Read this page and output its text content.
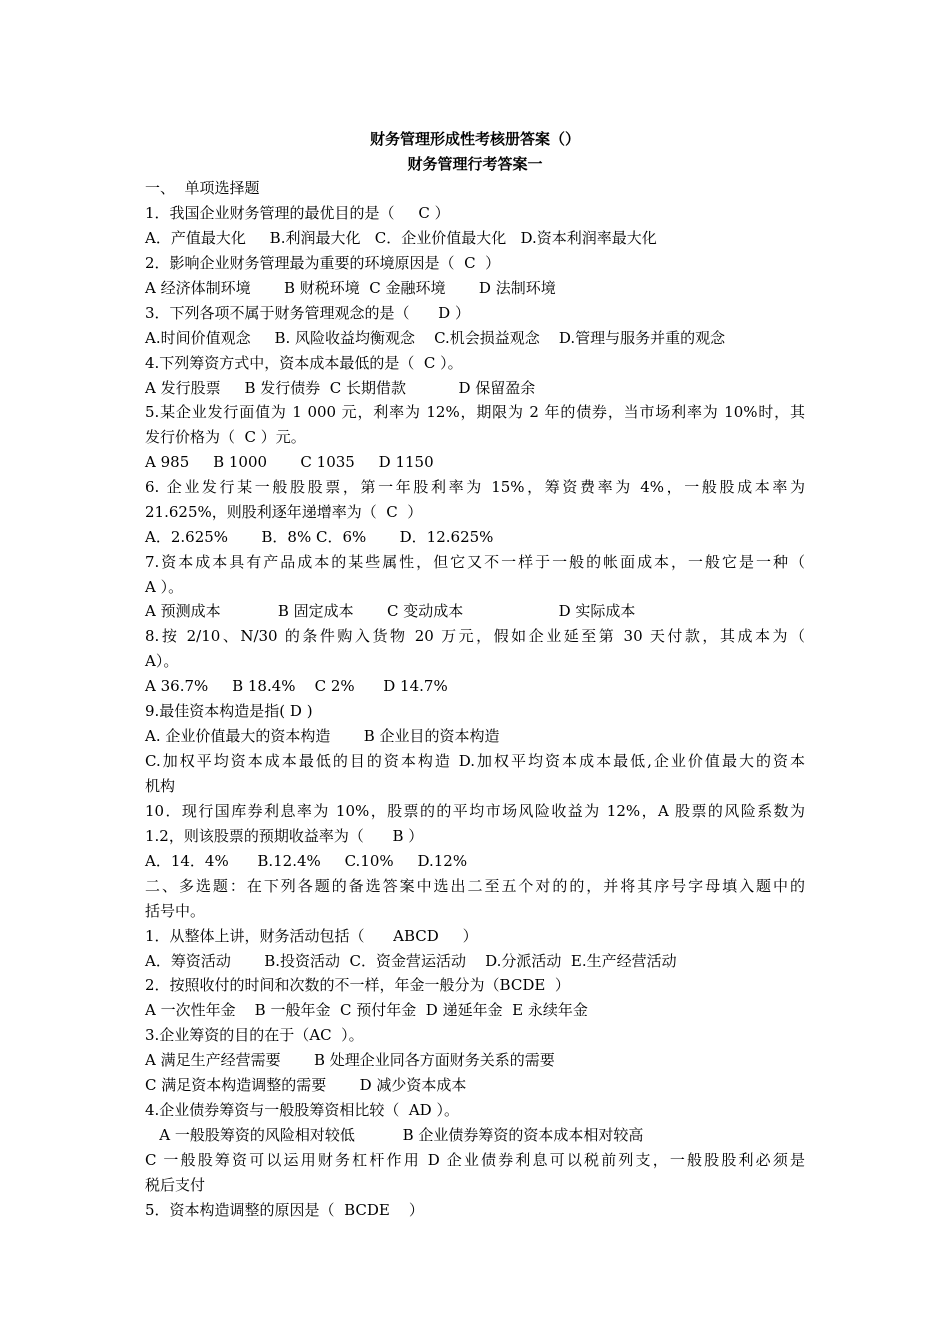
财务管理形成性考核册答案（）
财务管理行考答案一
一、  单项选择题
1．我国企业财务管理的最优目的是（     C ）
A．产值最大化     B.利润最大化   C．企业价值最大化   D.资本利润率最大化
2．影响企业财务管理最为重要的环境原因是（  C  ）
A 经济体制环境       B 财税环境  C 金融环境       D 法制环境
3．下列各项不属于财务管理观念的是（      D ）
A.时间价值观念     B. 风险收益均衡观念    C.机会损益观念    D.管理与服务并重的观念
4.下列筹资方式中，资本成本最低的是（  C ）。
A 发行股票     B 发行债券  C 长期借款           D 保留盈余
5.某企业发行面值为 1 000 元，利率为 12%，期限为 2 年的债券，当市场利率为 10%时，其
发行价格为（  C ）元。
A 985     B 1000       C 1035     D 1150
6. 企业发行某一般股股票，第一年股利率为 15%，筹资费率为 4%，一般股成本率为
21.625%，则股利逐年递增率为（  C  ）
A．2.625%       B．8% C．6%       D．12.625%
7.资本成本具有产品成本的某些属性，但它又不一样于一般的帐面成本，一般它是一种（
A ）。
A 预测成本            B 固定成本       C 变动成本                    D 实际成本
8.按 2/10、N/30 的条件购入货物 20 万元，假如企业延至第 30 天付款，其成本为（
A）。
A 36.7%     B 18.4%    C 2%      D 14.7%
9.最佳资本构造是指( D )
A. 企业价值最大的资本构造       B 企业目的资本构造
C.加权平均资本成本最低的目的资本构造 D.加权平均资本成本最低,企业价值最大的资本
机构
10．现行国库券利息率为 10%，股票的的平均市场风险收益为 12%，A 股票的风险系数为
1.2，则该股票的预期收益率为（      B ）
A．14．4%      B.12.4%     C.10%     D.12%
二、多选题：在下列各题的备选答案中选出二至五个对的的，并将其序号字母填入题中的
括号中。
1．从整体上讲，财务活动包括（      ABCD     ）
A．筹资活动       B.投资活动  C．资金营运活动    D.分派活动  E.生产经营活动
2．按照收付的时间和次数的不一样，年金一般分为（BCDE  ）
A 一次性年金    B 一般年金  C 预付年金  D 递延年金  E 永续年金
3.企业筹资的目的在于（AC  ）。
A 满足生产经营需要       B 处理企业同各方面财务关系的需要
C 满足资本构造调整的需要       D 减少资本成本
4.企业债券筹资与一般股筹资相比较（  AD ）。
A 一般股筹资的风险相对较低          B 企业债券筹资的资本成本相对较高
C 一般股筹资可以运用财务杠杆作用 D 企业债券利息可以税前列支，一般股股利必须是
税后支付
5．资本构造调整的原因是（  BCDE    ）
